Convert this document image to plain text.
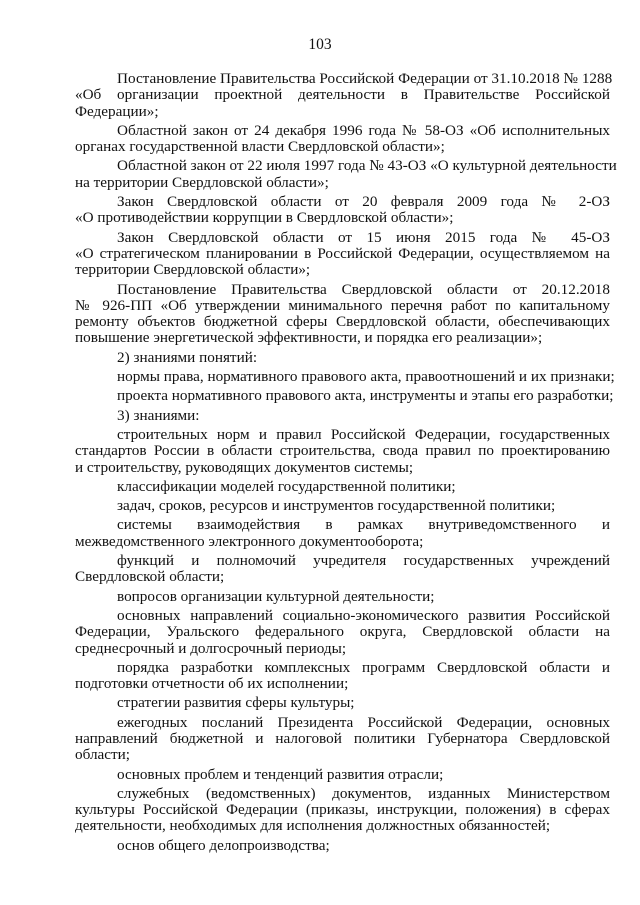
103
Постановление Правительства Российской Федерации от 31.10.2018 № 1288
«Об организации проектной деятельности в Правительстве Российской
Федерации»;
Областной закон от 24 декабря 1996 года № 58-ОЗ «Об исполнительных
органах государственной власти Свердловской области»;
Областной закон от 22 июля 1997 года № 43-ОЗ «О культурной деятельности
на территории Свердловской области»;
Закон Свердловской области от 20 февраля 2009 года № 2-ОЗ
«О противодействии коррупции в Свердловской области»;
Закон Свердловской области от 15 июня 2015 года № 45-ОЗ
«О стратегическом планировании в Российской Федерации, осуществляемом на
территории Свердловской области»;
Постановление Правительства Свердловской области от 20.12.2018
№ 926-ПП «Об утверждении минимального перечня работ по капитальному
ремонту объектов бюджетной сферы Свердловской области, обеспечивающих
повышение энергетической эффективности, и порядка его реализации»;
2) знаниями понятий:
нормы права, нормативного правового акта, правоотношений и их признаки;
проекта нормативного правового акта, инструменты и этапы его разработки;
3) знаниями:
строительных норм и правил Российской Федерации, государственных
стандартов России в области строительства, свода правил по проектированию
и строительству, руководящих документов системы;
классификации моделей государственной политики;
задач, сроков, ресурсов и инструментов государственной политики;
системы взаимодействия в рамках внутриведомственного и
межведомственного электронного документооборота;
функций и полномочий учредителя государственных учреждений
Свердловской области;
вопросов организации культурной деятельности;
основных направлений социально-экономического развития Российской
Федерации, Уральского федерального округа, Свердловской области на
среднесрочный и долгосрочный периоды;
порядка разработки комплексных программ Свердловской области и
подготовки отчетности об их исполнении;
стратегии развития сферы культуры;
ежегодных посланий Президента Российской Федерации, основных
направлений бюджетной и налоговой политики Губернатора Свердловской
области;
основных проблем и тенденций развития отрасли;
служебных (ведомственных) документов, изданных Министерством
культуры Российской Федерации (приказы, инструкции, положения) в сферах
деятельности, необходимых для исполнения должностных обязанностей;
основ общего делопроизводства;
